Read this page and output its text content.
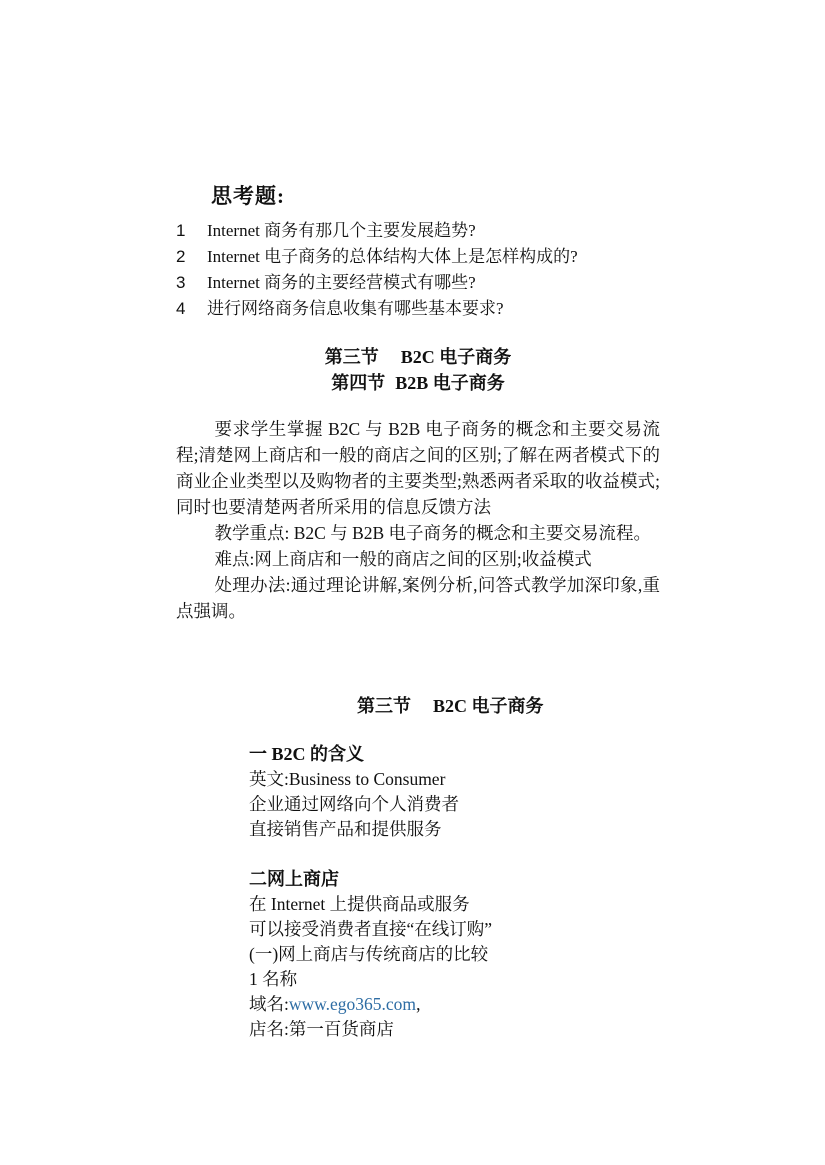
思考题:
1 Internet 商务有那几个主要发展趋势?
2 Internet 电子商务的总体结构大体上是怎样构成的?
3 Internet 商务的主要经营模式有哪些?
4 进行网络商务信息收集有哪些基本要求?
第三节 B2C 电子商务
第四节 B2B 电子商务
要求学生掌握 B2C 与 B2B 电子商务的概念和主要交易流程;清楚网上商店和一般的商店之间的区别;了解在两者模式下的商业企业类型以及购物者的主要类型;熟悉两者采取的收益模式;同时也要清楚两者所采用的信息反馈方法
教学重点: B2C 与 B2B 电子商务的概念和主要交易流程。
难点:网上商店和一般的商店之间的区别;收益模式
处理办法:通过理论讲解,案例分析,问答式教学加深印象,重点强调。
第三节 B2C 电子商务
一 B2C 的含义
英文:Business to Consumer
企业通过网络向个人消费者
直接销售产品和提供服务
二网上商店
在 Internet 上提供商品或服务
可以接受消费者直接“在线订购”
(一)网上商店与传统商店的比较
1 名称
域名:www.ego365.com,
店名:第一百货商店
